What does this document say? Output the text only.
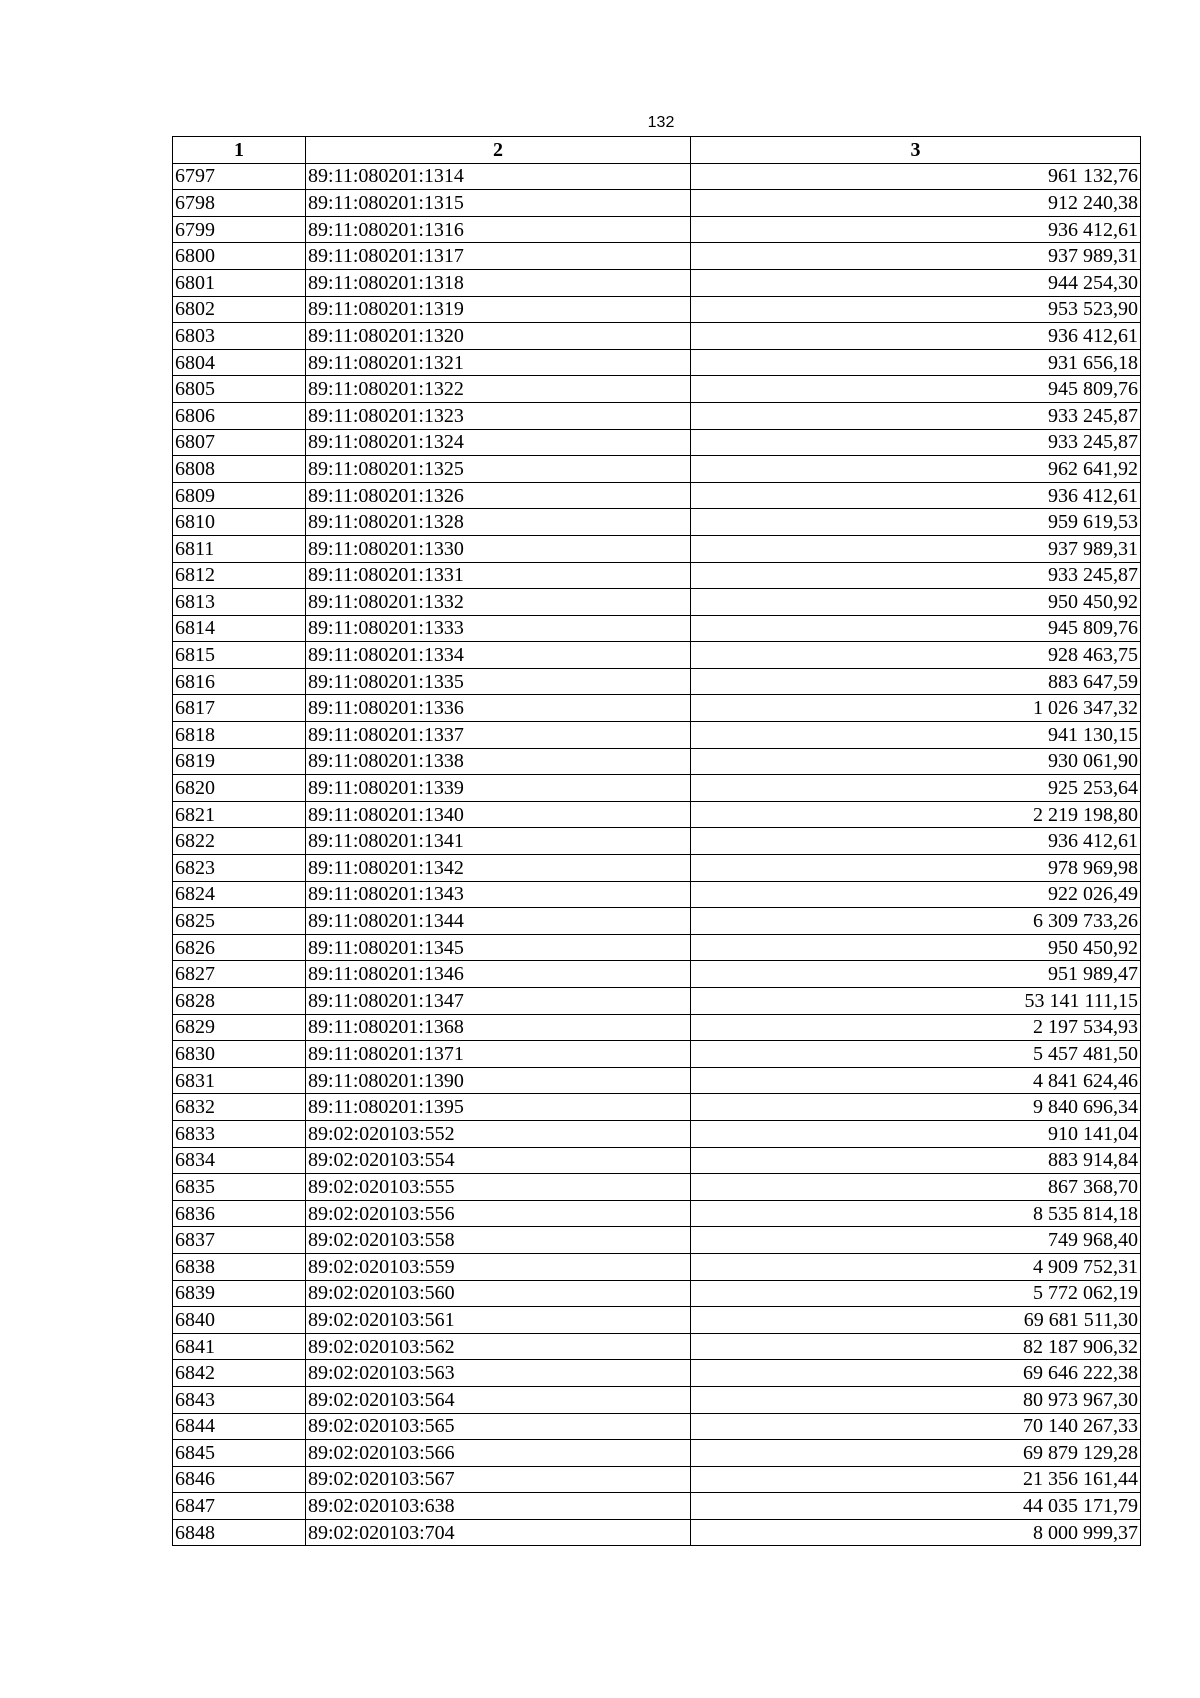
132
1	2	3
6797	89:11:080201:1314	961 132,76
6798	89:11:080201:1315	912 240,38
6799	89:11:080201:1316	936 412,61
6800	89:11:080201:1317	937 989,31
6801	89:11:080201:1318	944 254,30
6802	89:11:080201:1319	953 523,90
6803	89:11:080201:1320	936 412,61
6804	89:11:080201:1321	931 656,18
6805	89:11:080201:1322	945 809,76
6806	89:11:080201:1323	933 245,87
6807	89:11:080201:1324	933 245,87
6808	89:11:080201:1325	962 641,92
6809	89:11:080201:1326	936 412,61
6810	89:11:080201:1328	959 619,53
6811	89:11:080201:1330	937 989,31
6812	89:11:080201:1331	933 245,87
6813	89:11:080201:1332	950 450,92
6814	89:11:080201:1333	945 809,76
6815	89:11:080201:1334	928 463,75
6816	89:11:080201:1335	883 647,59
6817	89:11:080201:1336	1 026 347,32
6818	89:11:080201:1337	941 130,15
6819	89:11:080201:1338	930 061,90
6820	89:11:080201:1339	925 253,64
6821	89:11:080201:1340	2 219 198,80
6822	89:11:080201:1341	936 412,61
6823	89:11:080201:1342	978 969,98
6824	89:11:080201:1343	922 026,49
6825	89:11:080201:1344	6 309 733,26
6826	89:11:080201:1345	950 450,92
6827	89:11:080201:1346	951 989,47
6828	89:11:080201:1347	53 141 111,15
6829	89:11:080201:1368	2 197 534,93
6830	89:11:080201:1371	5 457 481,50
6831	89:11:080201:1390	4 841 624,46
6832	89:11:080201:1395	9 840 696,34
6833	89:02:020103:552	910 141,04
6834	89:02:020103:554	883 914,84
6835	89:02:020103:555	867 368,70
6836	89:02:020103:556	8 535 814,18
6837	89:02:020103:558	749 968,40
6838	89:02:020103:559	4 909 752,31
6839	89:02:020103:560	5 772 062,19
6840	89:02:020103:561	69 681 511,30
6841	89:02:020103:562	82 187 906,32
6842	89:02:020103:563	69 646 222,38
6843	89:02:020103:564	80 973 967,30
6844	89:02:020103:565	70 140 267,33
6845	89:02:020103:566	69 879 129,28
6846	89:02:020103:567	21 356 161,44
6847	89:02:020103:638	44 035 171,79
6848	89:02:020103:704	8 000 999,37
